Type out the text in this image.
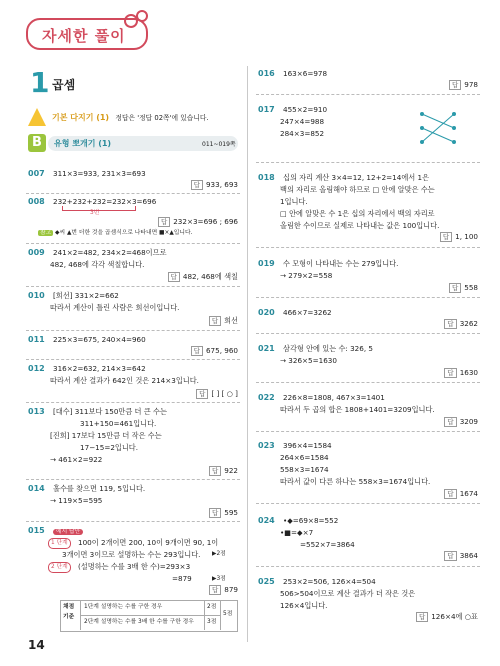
자세한 풀이
1 곱셈
기본 다지기 (1) 정답은 '정답 02쪽'에 있습니다.
B	유형 뽀개기 (1)	011~019쪽
007 311×3=933, 231×3=693
답 933, 693
008 232+232+232=232×3=696
3번
답 232×3=696 ; 696
참고 ◆씨 ▲번 더한 것을 곱셈식으로 나타내면 ■×▲입니다.
009 241×2=482, 234×2=468이므로
482, 468에 각각 색칠합니다.
답 482, 468에 색칠
010 [희선] 331×2=662
따라서 계산이 틀린 사람은 희선이입니다.
답 희선
011 225×3=675, 240×4=960
답 675, 960
012 316×2=632, 214×3=642
따라서 계산 결과가 642인 것은 214×3입니다.
답 [ ] [ ○ ]
013 [대수] 311보다 150만큼 더 큰 수는
311+150=461입니다.
[진희] 17보다 15만큼 더 작은 수는
17−15=2입니다.
→ 461×2=922
답 922
014 홀수를 찾으면 119, 5입니다.
→ 119×5=595
답 595
015 예시 답안
1 단계	100이 2개이면 200, 10이 9개이면 90, 1이
3개이면 3이므로 설명하는 수는 293입니다. ▶2점
2 단계	(설명하는 수를 3배 한 수)=293×3
=879	▶3점
답 879
채점
기준
1단계 설명하는 수를 구한 경우	2점
2단계 설명하는 수를 3배 한 수를 구한 경우 3점
5점
016 163×6=978
답 978
017 455×2=910
247×4=988
284×3=852
018 십의 자리 계산 3×4=12, 12+2=14에서 1은
백의 자리로 올림해야 하므로 □ 안에 알맞은 수는
1입니다.
□ 안에 알맞은 수 1은 십의 자리에서 백의 자리로
올림한 수이므로 실제로 나타내는 값은 100입니다.
답 1, 100
019 수 모형이 나타내는 수는 279입니다.
→ 279×2=558
답 558
020 466×7=3262
답 3262
021 삼각형 안에 있는 수: 326, 5
→ 326×5=1630
답 1630
022 226×8=1808, 467×3=1401
따라서 두 곱의 합은 1808+1401=3209입니다.
답 3209
023 396×4=1584
264×6=1584
558×3=1674
따라서 값이 다른 하나는 558×3=1674입니다.
답 1674
024 •◆=69×8=552
•■=◆×7
=552×7=3864
답 3864
025 253×2=506, 126×4=504
506>504이므로 계산 결과가 더 작은 것은
126×4입니다.
답 126×4에 ○표
14
